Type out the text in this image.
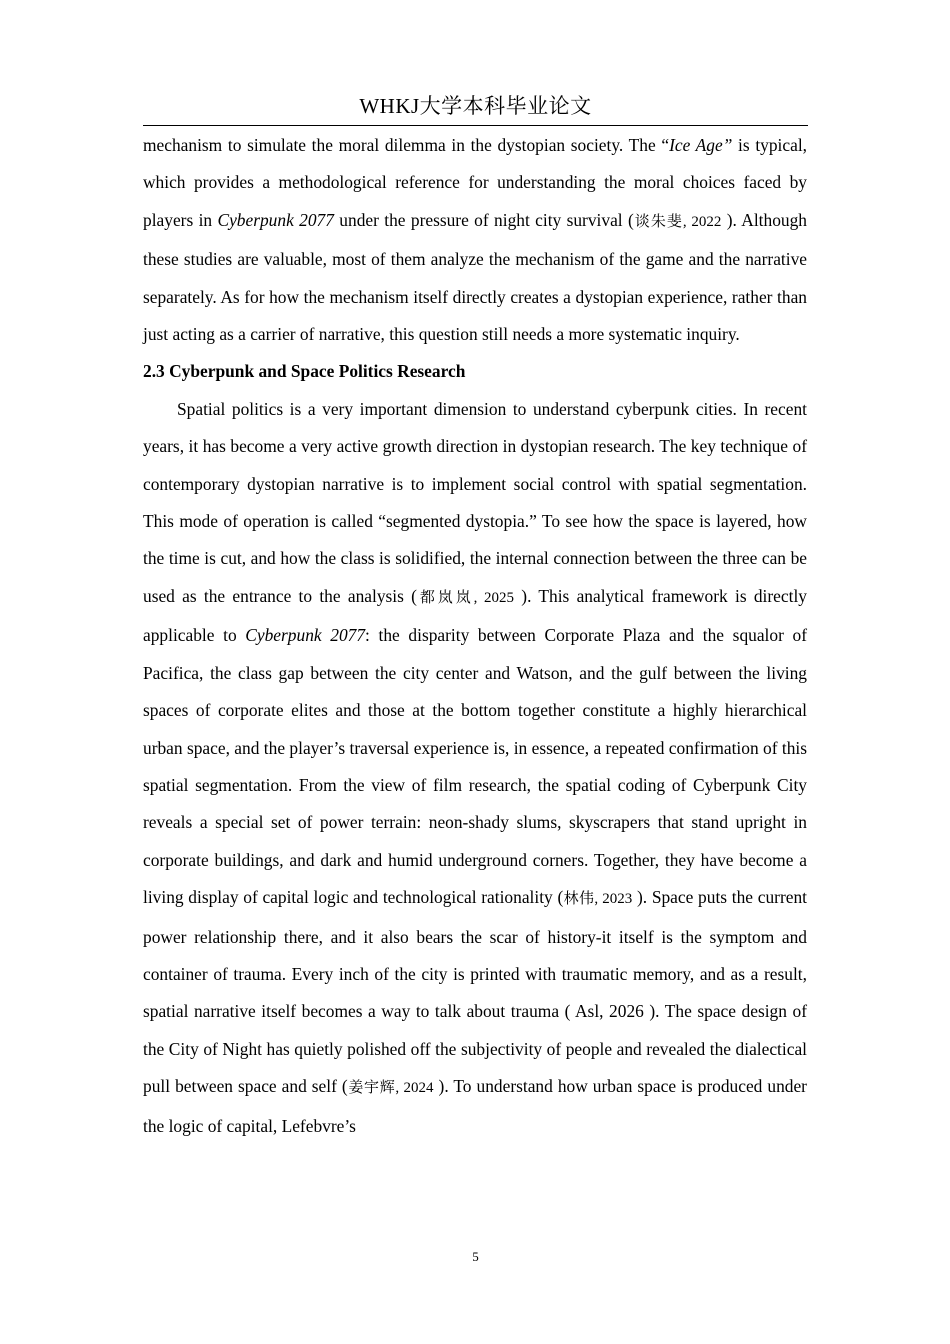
WHKJ大学本科毕业论文

mechanism to simulate the moral dilemma in the dystopian society. The “Ice Age” is typical, which provides a methodological reference for understanding the moral choices faced by players in Cyberpunk 2077 under the pressure of night city survival (谈朱斐, 2022 ). Although these studies are valuable, most of them analyze the mechanism of the game and the narrative separately. As for how the mechanism itself directly creates a dystopian experience, rather than just acting as a carrier of narrative, this question still needs a more systematic inquiry.

2.3 Cyberpunk and Space Politics Research

Spatial politics is a very important dimension to understand cyberpunk cities. In recent years, it has become a very active growth direction in dystopian research. The key technique of contemporary dystopian narrative is to implement social control with spatial segmentation. This mode of operation is called “segmented dystopia.” To see how the space is layered, how the time is cut, and how the class is solidified, the internal connection between the three can be used as the entrance to the analysis (都岚岚, 2025 ). This analytical framework is directly applicable to Cyberpunk 2077: the disparity between Corporate Plaza and the squalor of Pacifica, the class gap between the city center and Watson, and the gulf between the living spaces of corporate elites and those at the bottom together constitute a highly hierarchical urban space, and the player’s traversal experience is, in essence, a repeated confirmation of this spatial segmentation. From the view of film research, the spatial coding of Cyberpunk City reveals a special set of power terrain: neon-shady slums, skyscrapers that stand upright in corporate buildings, and dark and humid underground corners. Together, they have become a living display of capital logic and technological rationality (林伟, 2023 ). Space puts the current power relationship there, and it also bears the scar of history-it itself is the symptom and container of trauma. Every inch of the city is printed with traumatic memory, and as a result, spatial narrative itself becomes a way to talk about trauma ( Asl, 2026 ). The space design of the City of Night has quietly polished off the subjectivity of people and revealed the dialectical pull between space and self (姜宇辉, 2024 ). To understand how urban space is produced under the logic of capital, Lefebvre’s

5
